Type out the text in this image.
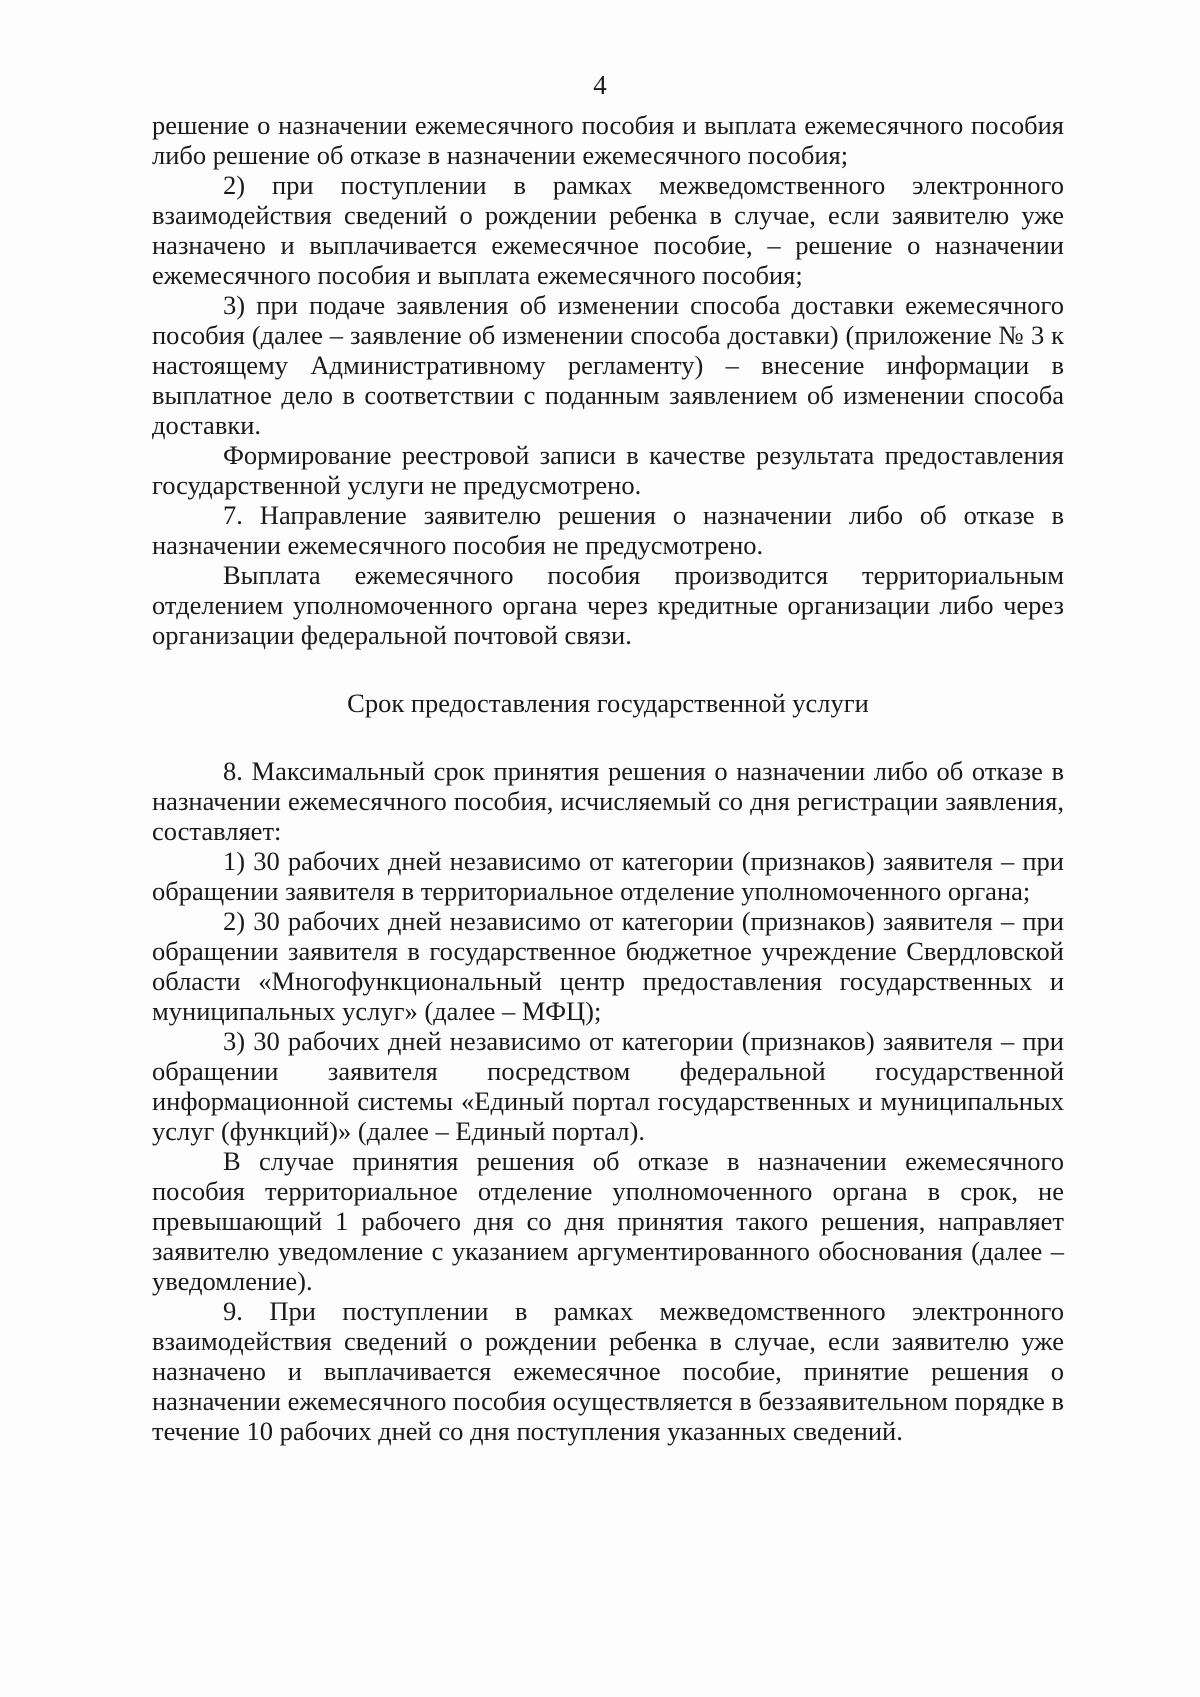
4

решение о назначении ежемесячного пособия и выплата ежемесячного пособия либо решение об отказе в назначении ежемесячного пособия;

2) при поступлении в рамках межведомственного электронного взаимодействия сведений о рождении ребенка в случае, если заявителю уже назначено и выплачивается ежемесячное пособие, – решение о назначении ежемесячного пособия и выплата ежемесячного пособия;

3) при подаче заявления об изменении способа доставки ежемесячного пособия (далее – заявление об изменении способа доставки) (приложение № 3 к настоящему Административному регламенту) – внесение информации в выплатное дело в соответствии с поданным заявлением об изменении способа доставки.

Формирование реестровой записи в качестве результата предоставления государственной услуги не предусмотрено.

7. Направление заявителю решения о назначении либо об отказе в назначении ежемесячного пособия не предусмотрено.

Выплата ежемесячного пособия производится территориальным отделением уполномоченного органа через кредитные организации либо через организации федеральной почтовой связи.

Срок предоставления государственной услуги

8. Максимальный срок принятия решения о назначении либо об отказе в назначении ежемесячного пособия, исчисляемый со дня регистрации заявления, составляет:

1) 30 рабочих дней независимо от категории (признаков) заявителя – при обращении заявителя в территориальное отделение уполномоченного органа;

2) 30 рабочих дней независимо от категории (признаков) заявителя – при обращении заявителя в государственное бюджетное учреждение Свердловской области «Многофункциональный центр предоставления государственных и муниципальных услуг» (далее – МФЦ);

3) 30 рабочих дней независимо от категории (признаков) заявителя – при обращении заявителя посредством федеральной государственной информационной системы «Единый портал государственных и муниципальных услуг (функций)» (далее – Единый портал).

В случае принятия решения об отказе в назначении ежемесячного пособия территориальное отделение уполномоченного органа в срок, не превышающий 1 рабочего дня со дня принятия такого решения, направляет заявителю уведомление с указанием аргументированного обоснования (далее – уведомление).

9. При поступлении в рамках межведомственного электронного взаимодействия сведений о рождении ребенка в случае, если заявителю уже назначено и выплачивается ежемесячное пособие, принятие решения о назначении ежемесячного пособия осуществляется в беззаявительном порядке в течение 10 рабочих дней со дня поступления указанных сведений.
